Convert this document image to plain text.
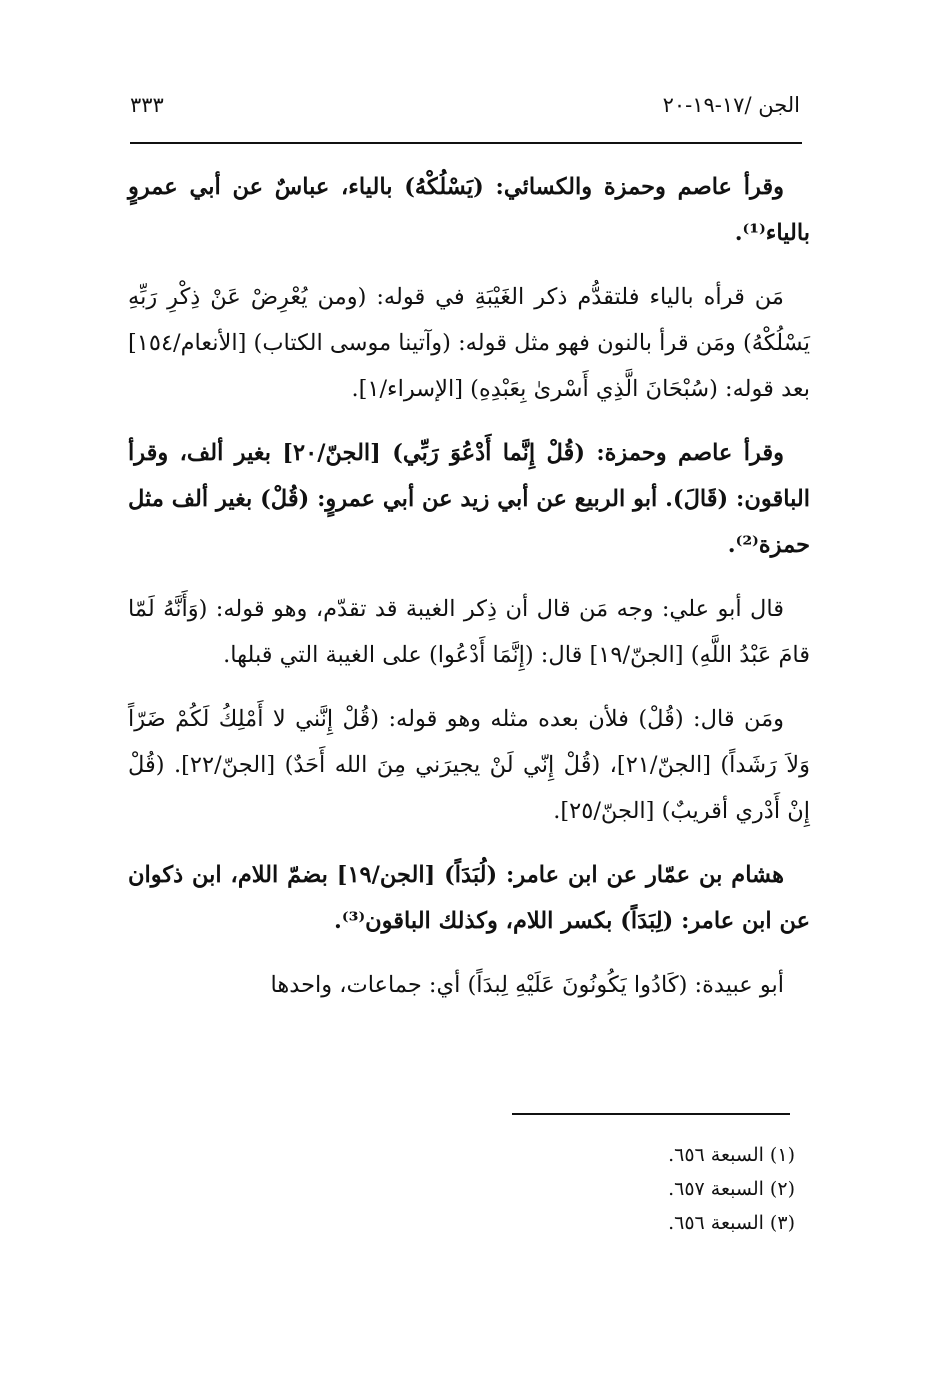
الجن /١٧-١٩-٢٠
٣٣٣

وقرأ عاصم وحمزة والكسائي: (يَسْلُكْهُ) بالياء، عباسٌ عن أبي عمروٍ بالياء⁽¹⁾.

مَن قرأه بالياء فلتقدُّم ذكر الغَيْبَةِ في قوله: (ومن يُعْرِضْ عَنْ ذِكْرِ رَبِّهِ يَسْلُكْهُ) ومَن قرأ بالنون فهو مثل قوله: (وآتينا موسى الكتاب) [الأنعام/١٥٤] بعد قوله: (سُبْحَانَ الَّذِي أَسْرىٰ بِعَبْدِهِ) [الإسراء/١].

وقرأ عاصم وحمزة: (قُلْ إِنَّما أَدْعُوَ رَبِّي) [الجنّ/٢٠] بغير ألف، وقرأ الباقون: (قَالَ). أبو الربيع عن أبي زيد عن أبي عمروٍ: (قُلْ) بغير ألف مثل حمزة⁽²⁾.

قال أبو علي: وجه مَن قال أن ذِكر الغيبة قد تقدّم، وهو قوله: (وَأَنَّهُ لَمّا قامَ عَبْدُ اللَّهِ) [الجنّ/١٩] قال: (إِنَّمَا أَدْعُوا) على الغيبة التي قبلها.

ومَن قال: (قُلْ) فلأن بعده مثله وهو قوله: (قُلْ إِنَّني لا أَمْلِكُ لَكُمْ ضَرّاً وَلاَ رَشَداً) [الجنّ/٢١]، (قُلْ إِنّي لَنْ يجيرَني مِنَ الله أَحَدٌ) [الجنّ/٢٢]. (قُلْ إِنْ أَدْري أقريبٌ) [الجنّ/٢٥].

هشام بن عمّار عن ابن عامر: (لُبَدَاً) [الجن/١٩] بضمّ اللام، ابن ذكوان عن ابن عامر: (لِبَدَاً) بكسر اللام، وكذلك الباقون⁽³⁾.

أبو عبيدة: (كَادُوا يَكُونُونَ عَلَيْهِ لِبدَاً) أي: جماعات، واحدها

(١) السبعة ٦٥٦.
(٢) السبعة ٦٥٧.
(٣) السبعة ٦٥٦.
